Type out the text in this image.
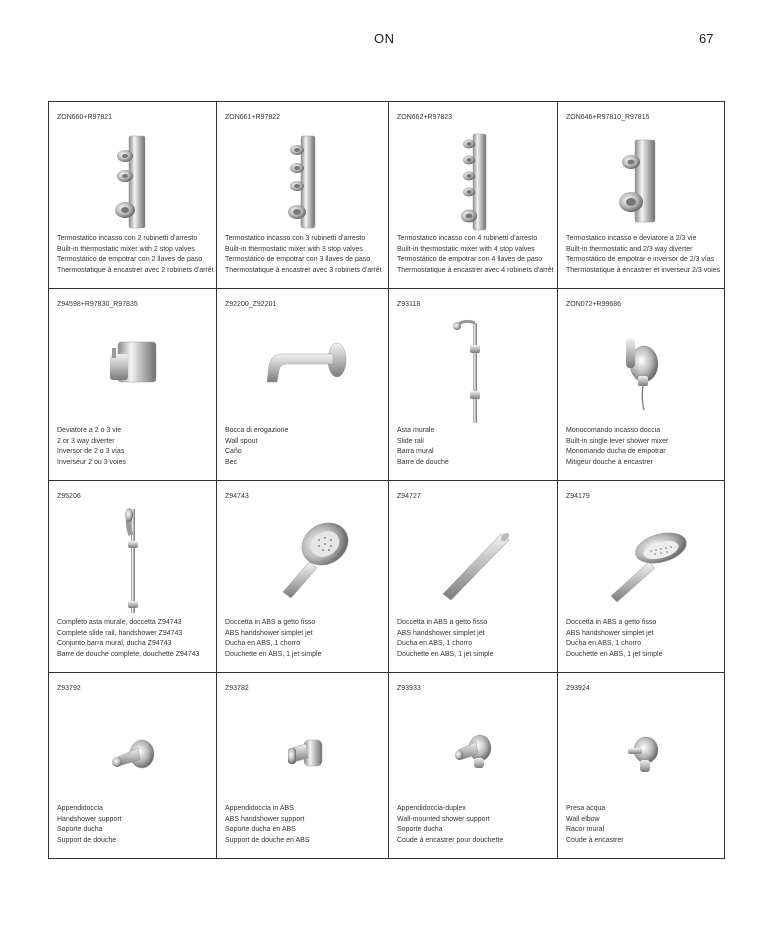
ON	67
ZON660+R97821
Termostatico incasso con 2 rubinetti d'arresto
Built-in thermostatic mixer with 2 stop valves
Termostático de empotrar con 2 llaves de paso
Thermostatique à encastrer avec 2 robinets d'arrêt
ZON661+R97822
Termostatico incasso con 3 rubinetti d'arresto
Built-in thermostatic mixer with 3 stop valves
Termostático de empotrar con 3 llaves de paso
Thermostatique à encastrer avec 3 robinets d'arrêt
ZON662+R97823
Termostatico incasso con 4 rubinetti d'arresto
Built-in thermostatic mixer with 4 stop valves
Termostático de empotrar con 4 llaves de paso
Thermostatique à encastrer avec 4 robinets d'arrêt
ZON646+R97810_R97815
Termostatico incasso e deviatore a 2/3 vie
Built-in thermostatic and 2/3 way diverter
Termostático de empotrar e inversor de 2/3 vías
Thermostatique à encastrer et inverseur 2/3 voies
Z94598+R97830_R97835
Deviatore a 2 o 3 vie
2 or 3 way diverter
Inversor de 2 o 3 vías
Inverseur 2 ou 3 voies
Z92200_Z92201
Bocca di erogazione
Wall spout
Caño
Bec
Z93118
Asta murale
Slide rail
Barra mural
Barre de douche
ZON072+R99686
Monocomando incasso doccia
Built-in single lever shower mixer
Monomando ducha de empotrar
Mitigeur douche à encastrer
Z95206
Completo asta murale, doccetta Z94743
Complete slide rail, handshower Z94743
Conjunto barra mural, ducha Z94743
Barre de douche complete, douchette Z94743
Z94743
Doccetta in ABS a getto fisso
ABS handshower simplet jet
Ducha en ABS, 1 chorro
Douchette en ABS, 1 jet simple
Z94727
Doccetta in ABS a getto fisso
ABS handshower simplet jet
Ducha en ABS, 1 chorro
Douchette en ABS, 1 jet simple
Z94179
Doccetta in ABS a getto fisso
ABS handshower simplet jet
Ducha en ABS, 1 chorro
Douchette en ABS, 1 jet simple
Z93792
Appendidoccia
Handshower support
Soporte ducha
Support de douche
Z93782
Appendidoccia in ABS
ABS handshower support
Soporte ducha en ABS
Support de douche en ABS
Z93933
Appendidoccia-duplex
Wall-mounted shower support
Soporte ducha
Coude à encastrer pour douchette
Z93924
Presa acqua
Wall elbow
Racor mural
Coude à encastrer
